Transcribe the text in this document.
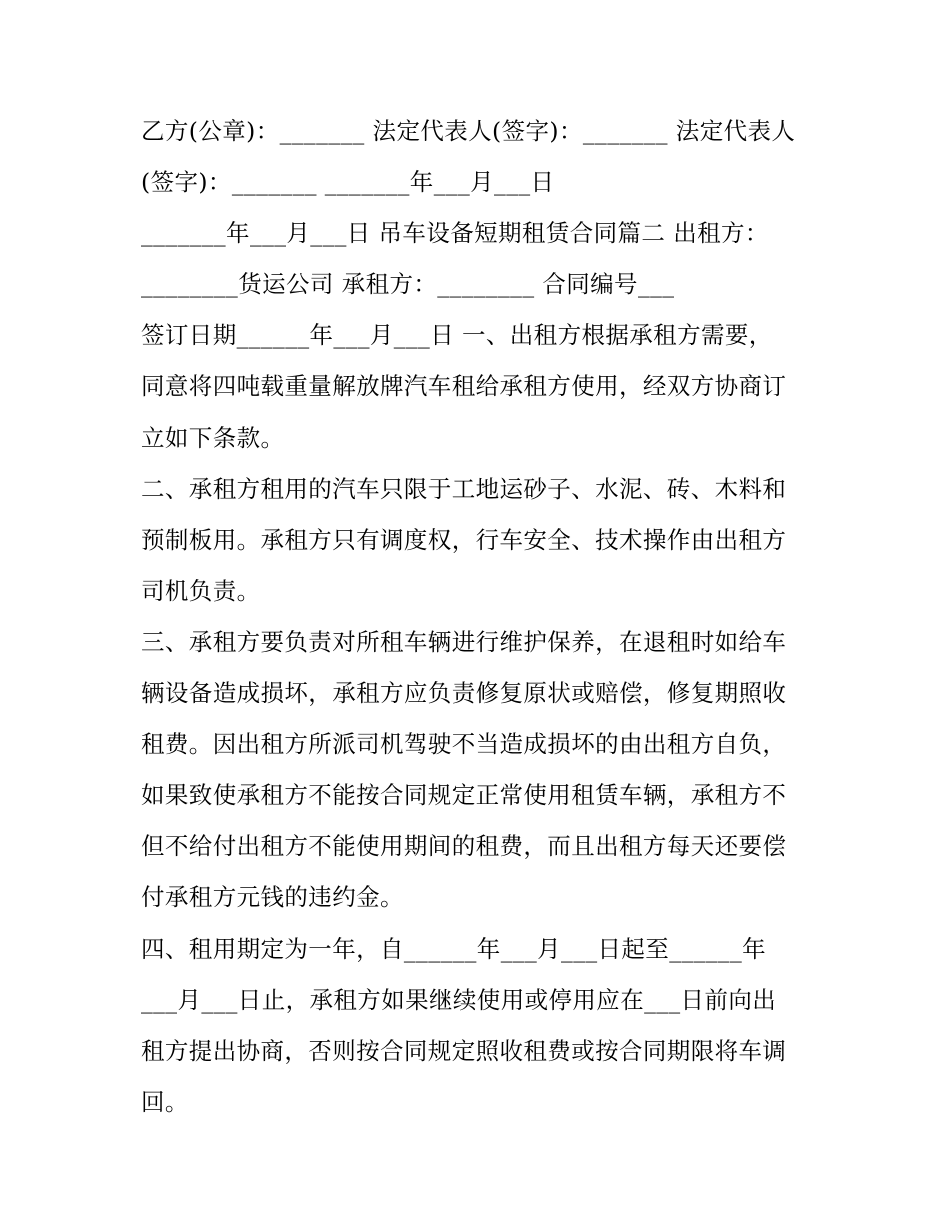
乙方(公章)：_______ 法定代表人(签字)：_______ 法定代表人
(签字)：_______ _______年___月___日
_______年___月___日 吊车设备短期租赁合同篇二 出租方：
________货运公司 承租方：________ 合同编号___
签订日期______年___月___日 一、出租方根据承租方需要，
同意将四吨载重量解放牌汽车租给承租方使用，经双方协商订
立如下条款。
二、承租方租用的汽车只限于工地运砂子、水泥、砖、木料和
预制板用。承租方只有调度权，行车安全、技术操作由出租方
司机负责。
三、承租方要负责对所租车辆进行维护保养，在退租时如给车
辆设备造成损坏，承租方应负责修复原状或赔偿，修复期照收
租费。因出租方所派司机驾驶不当造成损坏的由出租方自负，
如果致使承租方不能按合同规定正常使用租赁车辆，承租方不
但不给付出租方不能使用期间的租费，而且出租方每天还要偿
付承租方元钱的违约金。
四、租用期定为一年，自______年___月___日起至______年
___月___日止，承租方如果继续使用或停用应在___日前向出
租方提出协商，否则按合同规定照收租费或按合同期限将车调
回。
